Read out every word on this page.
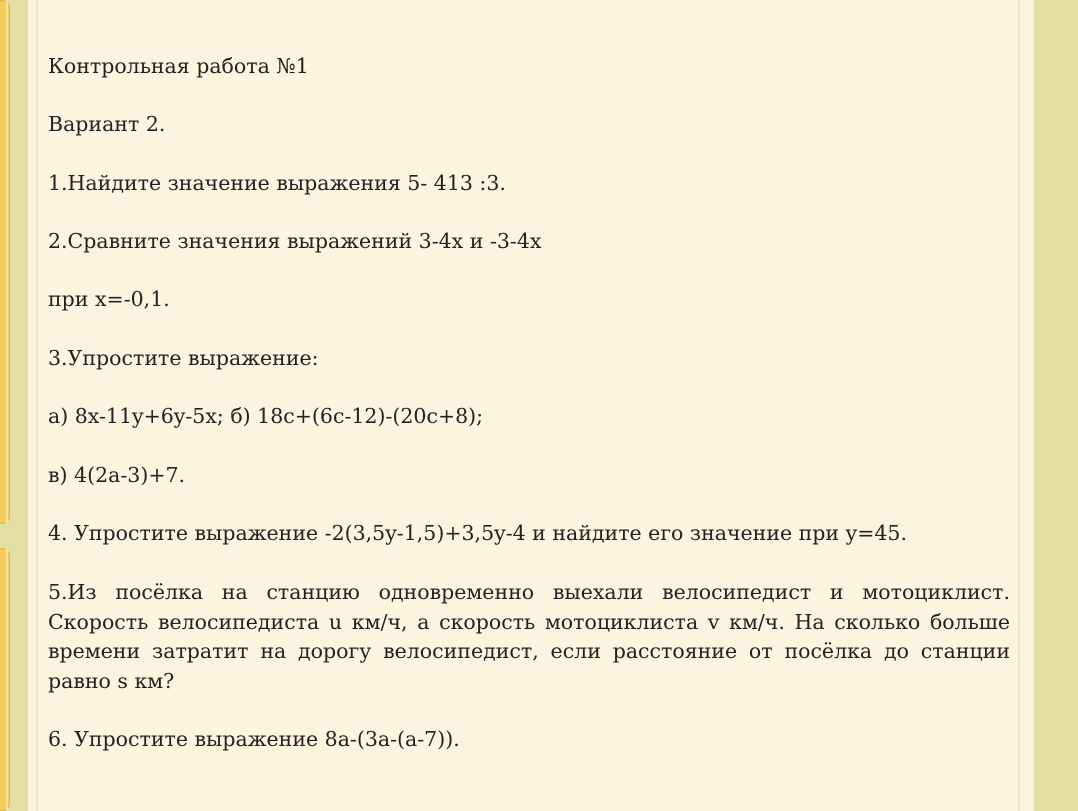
Контрольная работа №1
Вариант 2.
1.Найдите значение выражения 5- 413 :3.
2.Сравните значения выражений 3-4x и -3-4x
при x=-0,1.
3.Упростите выражение:
а) 8x-11y+6y-5x; б) 18c+(6c-12)-(20c+8);
в) 4(2a-3)+7.
4. Упростите выражение -2(3,5y-1,5)+3,5y-4 и найдите его значение при y=45.
5.Из посёлка на станцию одновременно выехали велосипедист и мотоциклист. Скорость велосипедиста u км/ч, а скорость мотоциклиста v км/ч. На сколько больше времени затратит на дорогу велосипедист, если расстояние от посёлка до станции равно s км?
6. Упростите выражение 8a-(3a-(a-7)).
